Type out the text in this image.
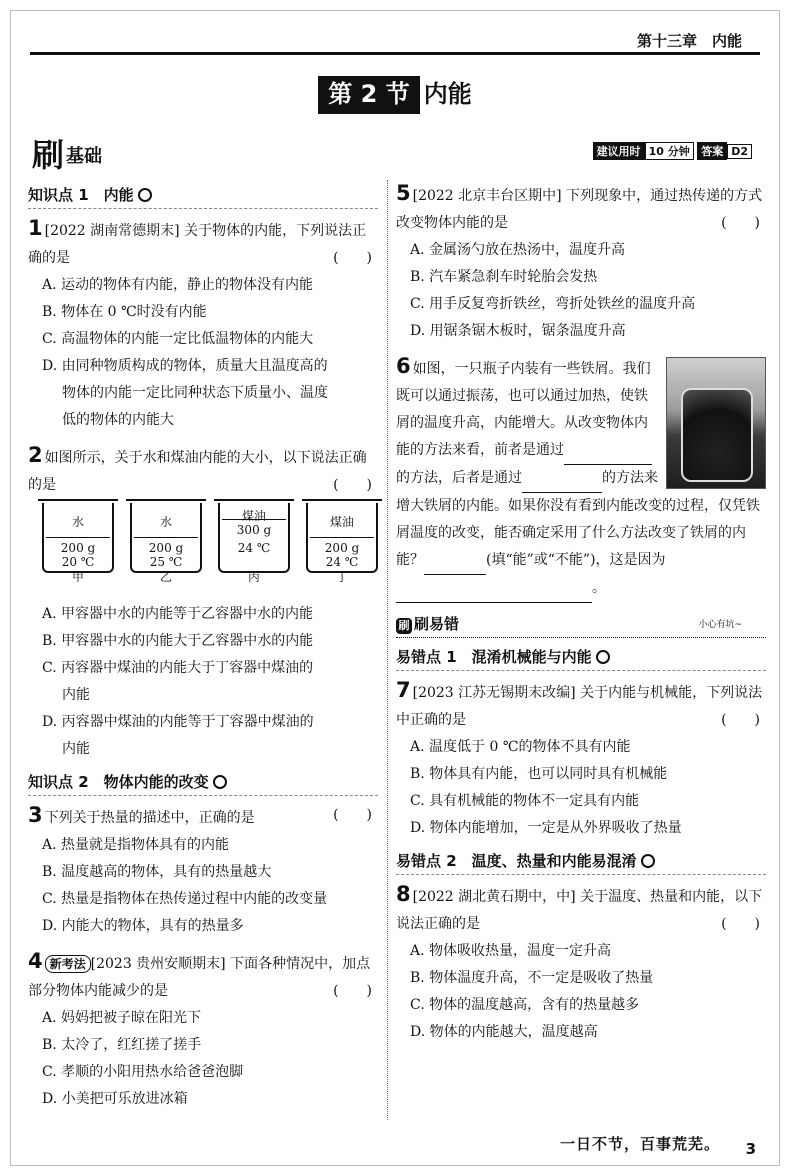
第十三章　内能
第 2 节 内能
刷 基础	建议用时 10 分钟 答案 D2
知识点 1　内能
1 [2022 湖南常德期末] 关于物体的内能，下列说法正确的是	(　　)
A. 运动的物体有内能，静止的物体没有内能
B. 物体在 0 ℃时没有内能
C. 高温物体的内能一定比低温物体的内能大
D. 由同种物质构成的物体，质量大且温度高的
物体的内能一定比同种状态下质量小、温度
低的物体的内能大
2 如图所示，关于水和煤油内能的大小，以下说法正确的是	(　　)
水
200 g
20 ℃
甲
水
200 g
25 ℃
乙
煤油
300 g
24 ℃
丙
煤油
200 g
24 ℃
丁
A. 甲容器中水的内能等于乙容器中水的内能
B. 甲容器中水的内能大于乙容器中水的内能
C. 丙容器中煤油的内能大于丁容器中煤油的
内能
D. 丙容器中煤油的内能等于丁容器中煤油的
内能
知识点 2　物体内能的改变
3 下列关于热量的描述中，正确的是	(　　)
A. 热量就是指物体具有的内能
B. 温度越高的物体，具有的热量越大
C. 热量是指物体在热传递过程中内能的改变量
D. 内能大的物体，具有的热量多
4 新考法 [2023 贵州安顺期末] 下面各种情况中，加点部分物体内能减少的是	(　　)
A. 妈妈把被子晾在阳光下
B. 太冷了，红红搓了搓手
C. 孝顺的小阳用热水给爸爸泡脚
D. 小美把可乐放进冰箱
5 [2022 北京丰台区期中] 下列现象中，通过热传递的方式改变物体内能的是	(　　)
A. 金属汤勺放在热汤中，温度升高
B. 汽车紧急刹车时轮胎会发热
C. 用手反复弯折铁丝，弯折处铁丝的温度升高
D. 用锯条锯木板时，锯条温度升高
6 如图，一只瓶子内装有一些铁屑。我们既可以通过振荡，也可以通过加热，使铁屑的温度升高，内能增大。从改变物体内能的方法来看，前者是通过 的方法，后者是通过	的方法来增大铁屑的内能。如果你没有看到内能改变的过程，仅凭铁屑温度的改变，能否确定采用了什么方法改变了铁屑的内能？	(填“能”或“不能”)，这是因为 。
刷 刷易错	小心有坑~
易错点 1　混淆机械能与内能
7 [2023 江苏无锡期末改编] 关于内能与机械能，下列说法中正确的是	(　　)
A. 温度低于 0 ℃的物体不具有内能
B. 物体具有内能，也可以同时具有机械能
C. 具有机械能的物体不一定具有内能
D. 物体内能增加，一定是从外界吸收了热量
易错点 2　温度、热量和内能易混淆
8 [2022 湖北黄石期中，中] 关于温度、热量和内能，以下说法正确的是	(　　)
A. 物体吸收热量，温度一定升高
B. 物体温度升高，不一定是吸收了热量
C. 物体的温度越高，含有的热量越多
D. 物体的内能越大，温度越高
一日不节，百事荒芜。 3
